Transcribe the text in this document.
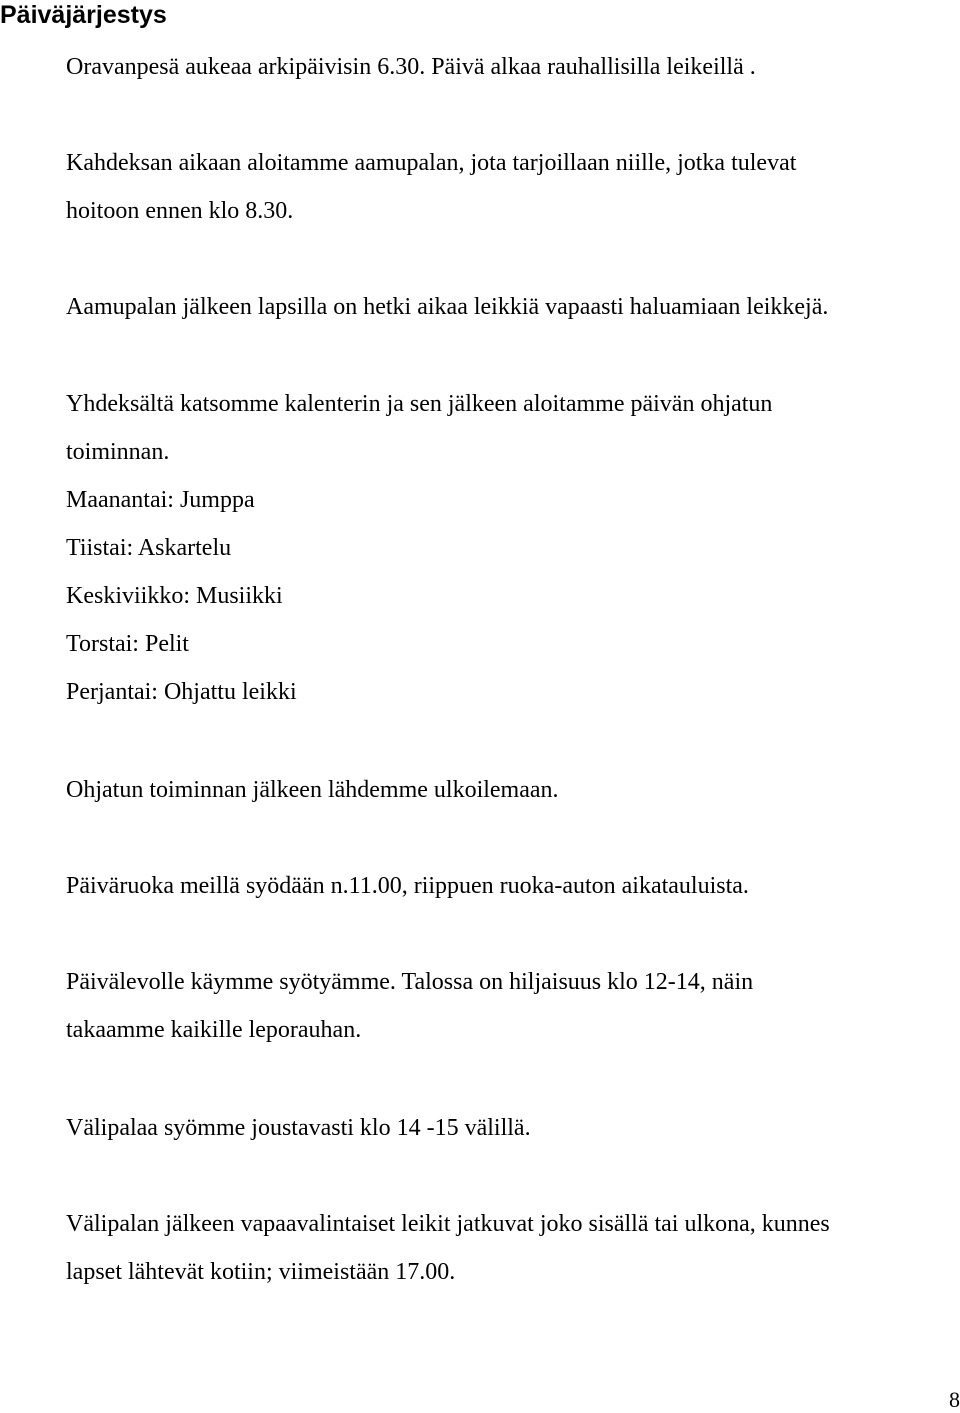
Päiväjärjestys
Oravanpesä aukeaa arkipäivisin 6.30. Päivä alkaa rauhallisilla leikeillä .
Kahdeksan aikaan aloitamme aamupalan, jota tarjoillaan niille, jotka tulevat
hoitoon ennen klo 8.30.
Aamupalan jälkeen lapsilla on hetki aikaa leikkiä vapaasti haluamiaan leikkejä.
Yhdeksältä katsomme kalenterin ja sen jälkeen aloitamme päivän ohjatun
toiminnan.
Maanantai: Jumppa
Tiistai: Askartelu
Keskiviikko: Musiikki
Torstai: Pelit
Perjantai: Ohjattu leikki
Ohjatun toiminnan jälkeen lähdemme ulkoilemaan.
Päiväruoka meillä syödään n.11.00, riippuen ruoka-auton aikatauluista.
Päivälevolle käymme syötyämme. Talossa on hiljaisuus klo 12-14, näin
takaamme kaikille leporauhan.
Välipalaa syömme joustavasti klo 14 -15 välillä.
Välipalan jälkeen vapaavalintaiset leikit jatkuvat joko sisällä tai ulkona, kunnes
lapset lähtevät kotiin; viimeistään 17.00.
8
